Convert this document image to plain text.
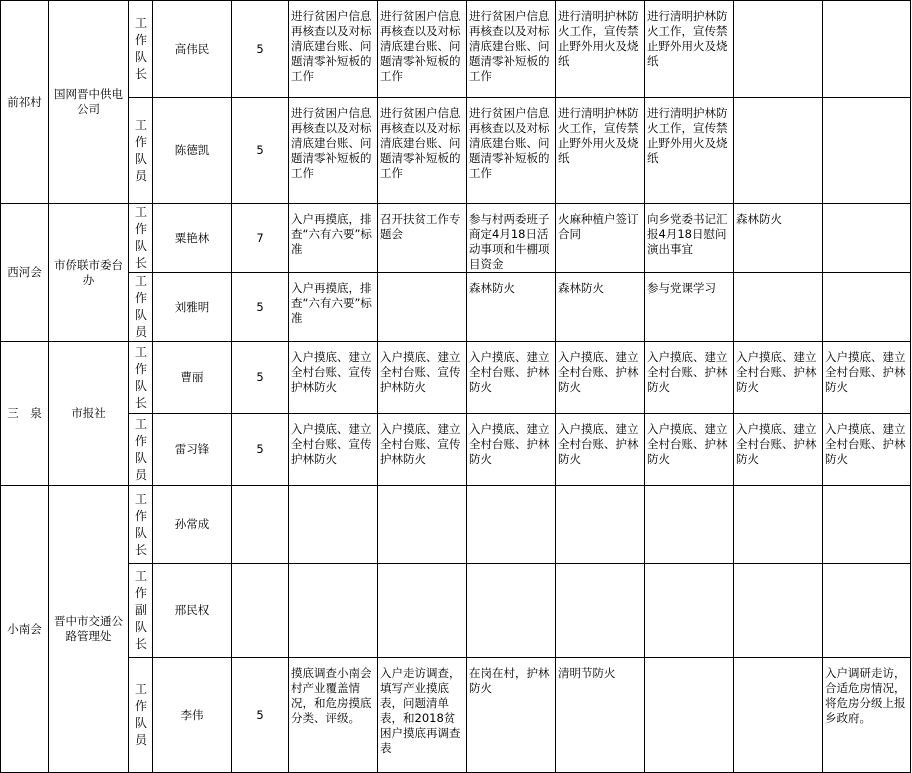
前祁村	国网晋中供电公司	工作队长	高伟民	5	进行贫困户信息再核查以及对标清底建台账、问题清零补短板的工作	进行贫困户信息再核查以及对标清底建台账、问题清零补短板的工作	进行贫困户信息再核查以及对标清底建台账、问题清零补短板的工作	进行清明护林防火工作，宣传禁止野外用火及烧纸	进行清明护林防火工作，宣传禁止野外用火及烧纸		
		工作队员	陈德凯	5	进行贫困户信息再核查以及对标清底建台账、问题清零补短板的工作	进行贫困户信息再核查以及对标清底建台账、问题清零补短板的工作	进行贫困户信息再核查以及对标清底建台账、问题清零补短板的工作	进行清明护林防火工作，宣传禁止野外用火及烧纸	进行清明护林防火工作，宣传禁止野外用火及烧纸		
西河会	市侨联市委台办	工作队长	粟艳林	7	入户再摸底，排查“六有六要”标准	召开扶贫工作专题会	参与村两委班子商定4月18日活动事项和牛棚项目资金	火麻种植户签订合同	向乡党委书记汇报4月18日慰问演出事宜	森林防火	
		工作队员	刘雅明	5	入户再摸底，排查“六有六要”标准		森林防火	森林防火	参与党课学习		
三　泉	市报社	工作队长	曹丽	5	入户摸底、建立全村台账、宣传护林防火	入户摸底、建立全村台账、宣传护林防火	入户摸底、建立全村台账、护林防火	入户摸底、建立全村台账、护林防火	入户摸底、建立全村台账、护林防火	入户摸底、建立全村台账、护林防火	入户摸底、建立全村台账、护林防火
		工作队员	雷习锋	5	入户摸底、建立全村台账、宣传护林防火	入户摸底、建立全村台账、宣传护林防火	入户摸底、建立全村台账、护林防火	入户摸底、建立全村台账、护林防火	入户摸底、建立全村台账、护林防火	入户摸底、建立全村台账、护林防火	入户摸底、建立全村台账、护林防火
小南会	晋中市交通公路管理处	工作队长	孙常成								
		工作副队长	邢民权								
		工作队员	李伟	5	摸底调查小南会村产业覆盖情况，和危房摸底分类、评级。	入户走访调查，填写产业摸底表，问题清单表，和2018贫困户摸底再调查表	在岗在村，护林防火	清明节防火			入户调研走访，合适危房情况，将危房分级上报乡政府。
